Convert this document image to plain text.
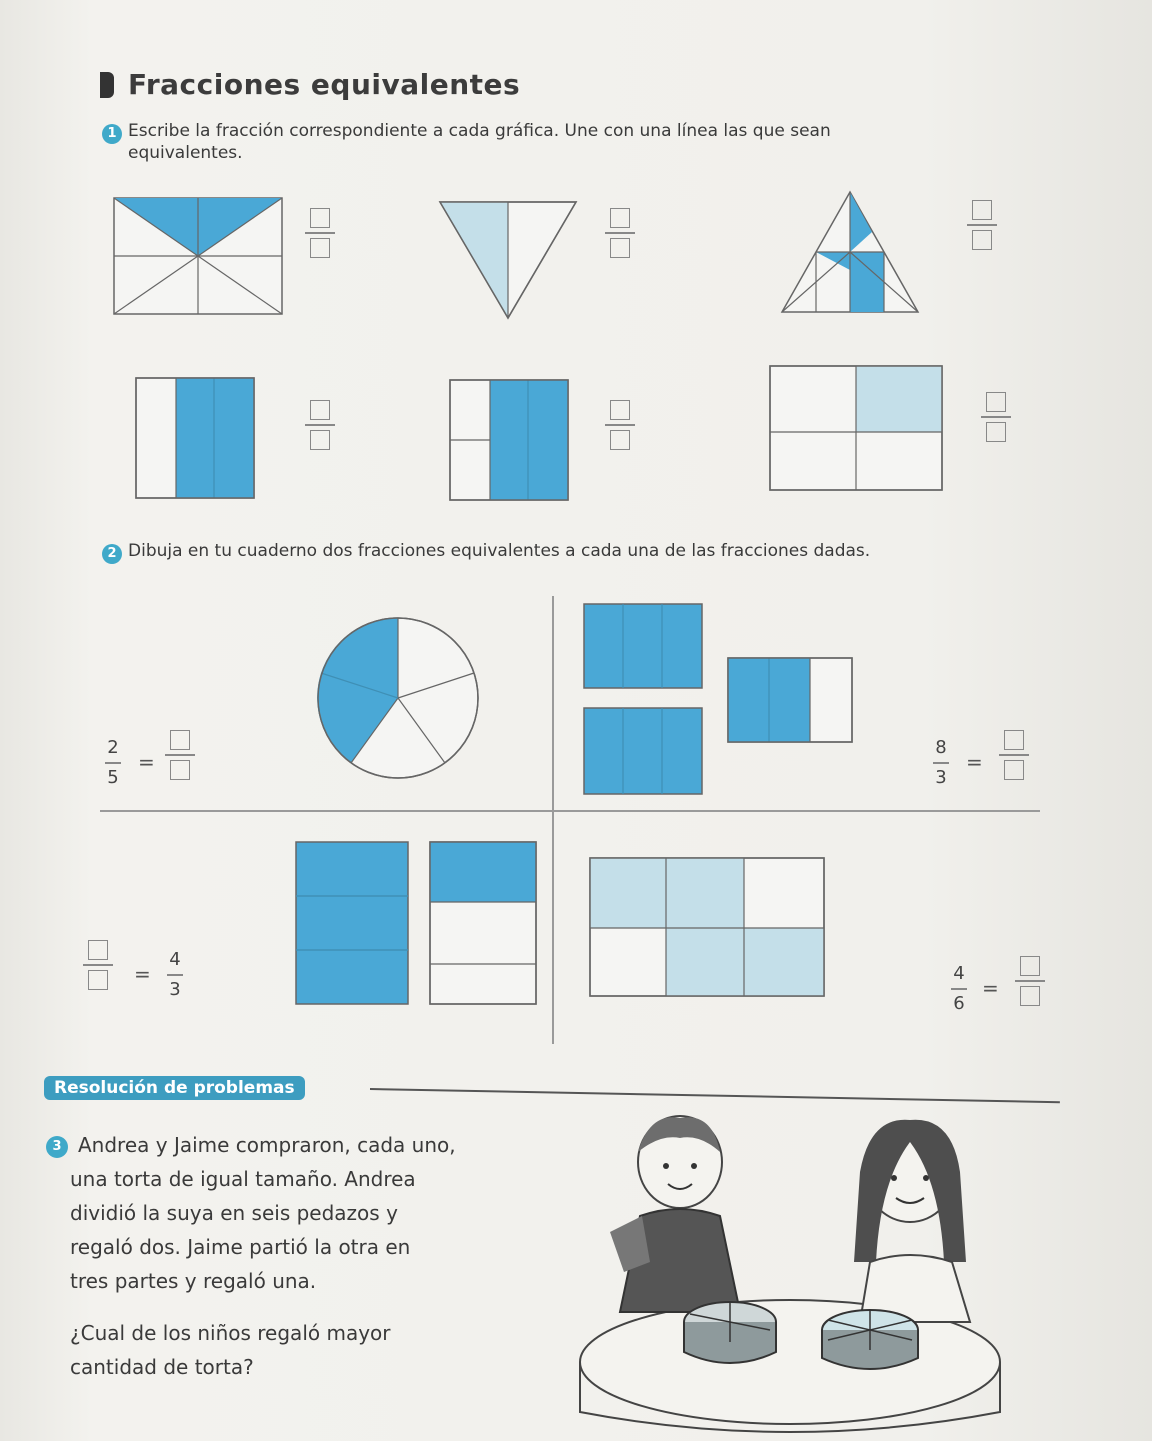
Fracciones equivalentes
1 Escribe la fracción correspondiente a cada gráfica. Une con una línea las que sean equivalentes.
2 Dibuja en tu cuaderno dos fracciones equivalentes a cada una de las fracciones dadas.
2
5
=
8
3
=
=
4
3
4
6
=
Resolución de problemas
3 Andrea y Jaime compraron, cada uno,
una torta de igual tamaño. Andrea
dividió la suya en seis pedazos y
regaló dos. Jaime partió la otra en
tres partes y regaló una.
¿Cual de los niños regaló mayor
cantidad de torta?
